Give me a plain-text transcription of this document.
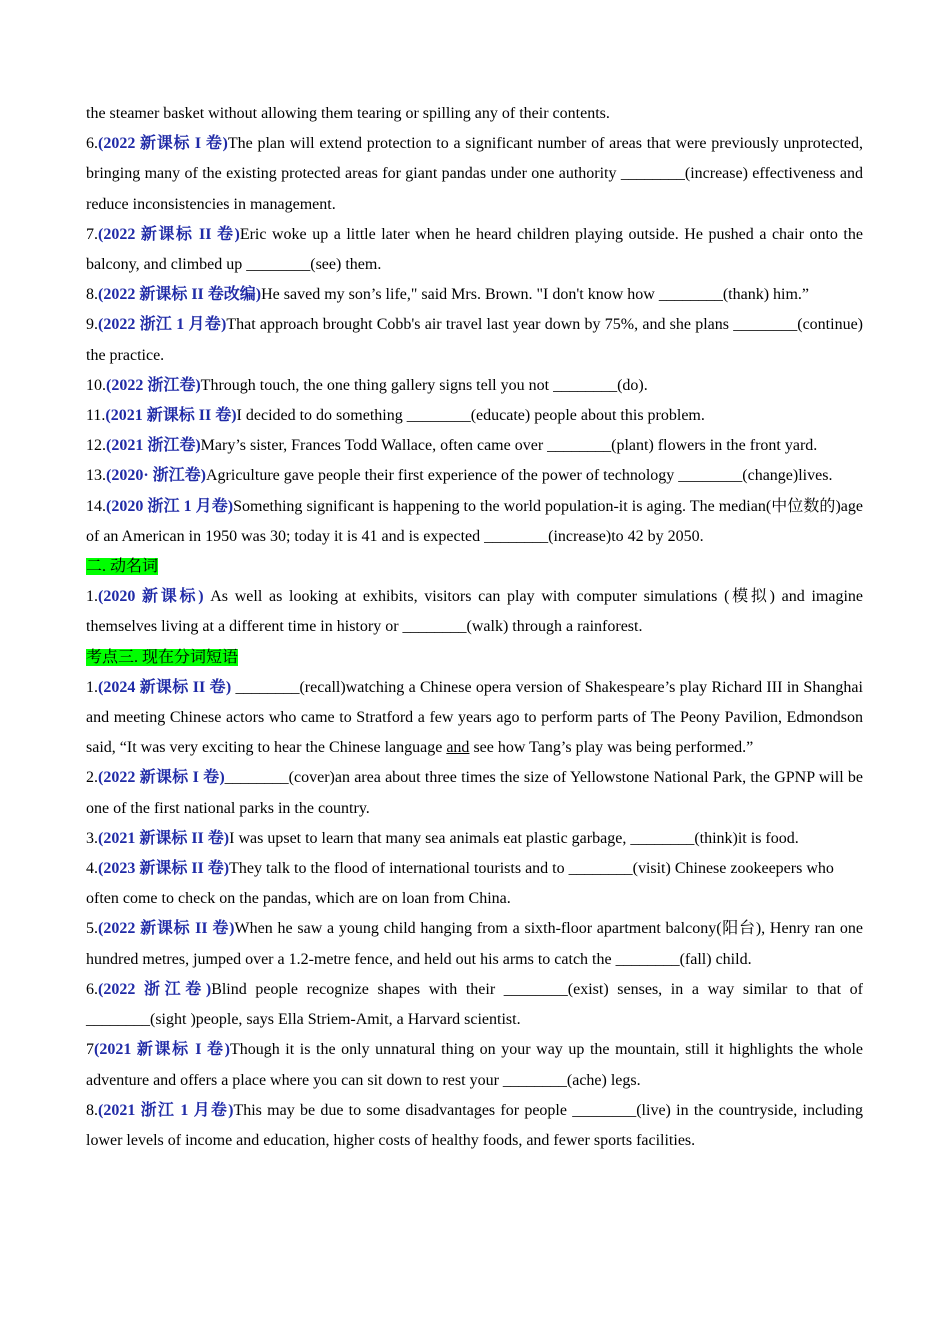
the steamer basket without allowing them tearing or spilling any of their contents.

6.(2022 新课标 I 卷)The plan will extend protection to a significant number of areas that were previously unprotected, bringing many of the existing protected areas for giant pandas under one authority ________(increase) effectiveness and reduce inconsistencies in management.

7.(2022 新课标 II 卷)Eric woke up a little later when he heard children playing outside. He pushed a chair onto the balcony, and climbed up ________(see) them.

8.(2022 新课标 II 卷改编)He saved my son’s life," said Mrs. Brown. "I don't know how ________(thank) him.”

9.(2022 浙江 1 月卷)That approach brought Cobb's air travel last year down by 75%, and she plans ________(continue) the practice.

10.(2022 浙江卷)Through touch, the one thing gallery signs tell you not ________(do).

11.(2021 新课标 II 卷)I decided to do something ________(educate) people about this problem.

12.(2021 浙江卷)Mary’s sister, Frances Todd Wallace, often came over ________(plant) flowers in the front yard.

13.(2020· 浙江卷)Agriculture gave people their first experience of the power of technology ________(change)lives.

14.(2020 浙江 1 月卷)Something significant is happening to the world population-it is aging. The median(中位数的)age of an American in 1950 was 30; today it is 41 and is expected ________(increase)to 42 by 2050.

二. 动名词

1.(2020 新课标) As well as looking at exhibits, visitors can play with computer simulations (模拟) and imagine themselves living at a different time in history or ________(walk) through a rainforest.

考点三. 现在分词短语

1.(2024 新课标 II 卷) ________(recall)watching a Chinese opera version of Shakespeare’s play Richard III in Shanghai and meeting Chinese actors who came to Stratford a few years ago to perform parts of The Peony Pavilion, Edmondson said, “It was very exciting to hear the Chinese language and see how Tang’s play was being performed.”

2.(2022 新课标 I 卷)________(cover)an area about three times the size of Yellowstone National Park, the GPNP will be one of the first national parks in the country.

3.(2021 新课标 II 卷)I was upset to learn that many sea animals eat plastic garbage, ________(think)it is food.

4.(2023 新课标 II 卷)They talk to the flood of international tourists and to ________(visit) Chinese zookeepers who often come to check on the pandas, which are on loan from China.

5.(2022 新课标 II 卷)When he saw a young child hanging from a sixth-floor apartment balcony(阳台), Henry ran one hundred metres, jumped over a 1.2-metre fence, and held out his arms to catch the ________(fall) child.

6.(2022 浙江卷)Blind people recognize shapes with their ________(exist) senses, in a way similar to that of ________(sight )people, says Ella Striem-Amit, a Harvard scientist.

7(2021 新课标 I 卷)Though it is the only unnatural thing on your way up the mountain, still it highlights the whole adventure and offers a place where you can sit down to rest your ________(ache) legs.

8.(2021 浙江 1 月卷)This may be due to some disadvantages for people ________(live) in the countryside, including lower levels of income and education, higher costs of healthy foods, and fewer sports facilities.
